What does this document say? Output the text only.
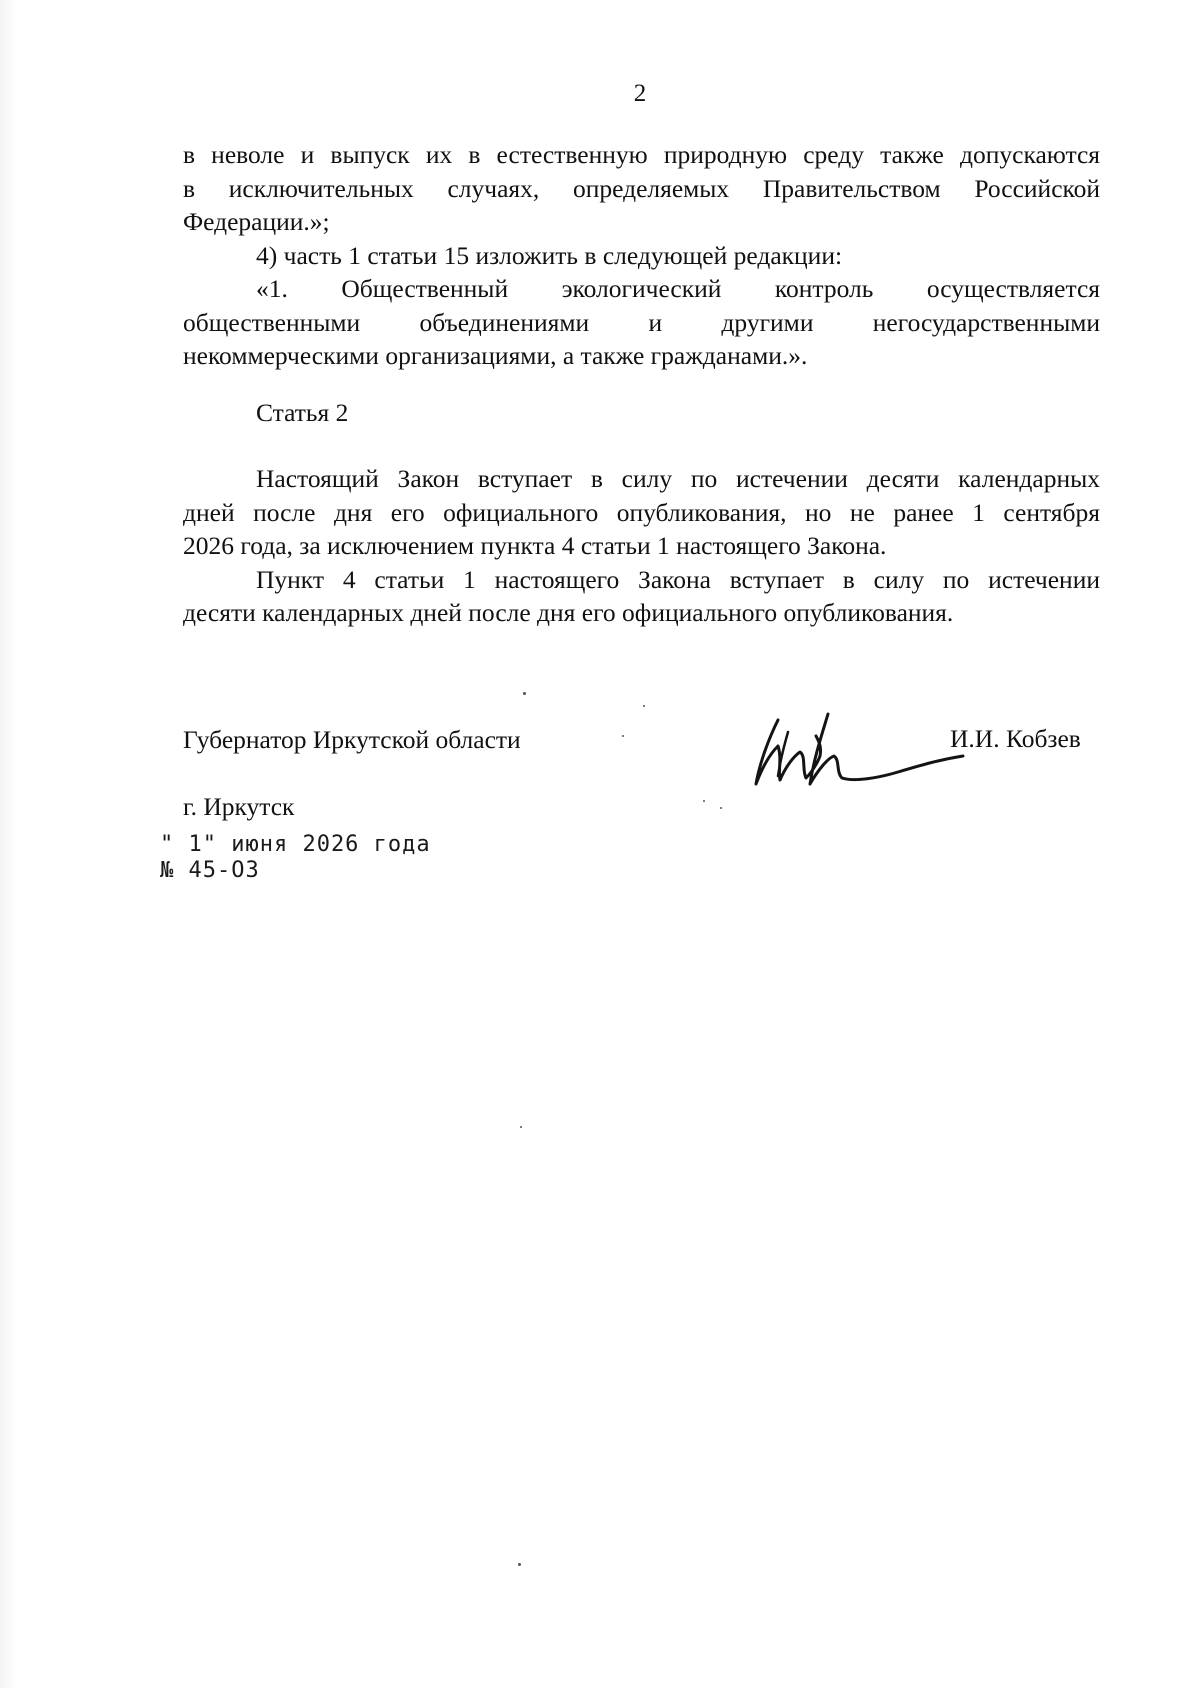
2
в неволе и выпуск их в естественную природную среду также допускаются
в исключительных случаях, определяемых Правительством Российской
Федерации.»;
4) часть 1 статьи 15 изложить в следующей редакции:
«1. Общественный экологический контроль осуществляется
общественными объединениями и другими негосударственными
некоммерческими организациями, а также гражданами.».
Статья 2
Настоящий Закон вступает в силу по истечении десяти календарных
дней после дня его официального опубликования, но не ранее 1 сентября
2026 года, за исключением пункта 4 статьи 1 настоящего Закона.
Пункт 4 статьи 1 настоящего Закона вступает в силу по истечении
десяти календарных дней после дня его официального опубликования.
Губернатор Иркутской области	И.И. Кобзев
г. Иркутск
" 1" июня 2026 года
№ 45-ОЗ
